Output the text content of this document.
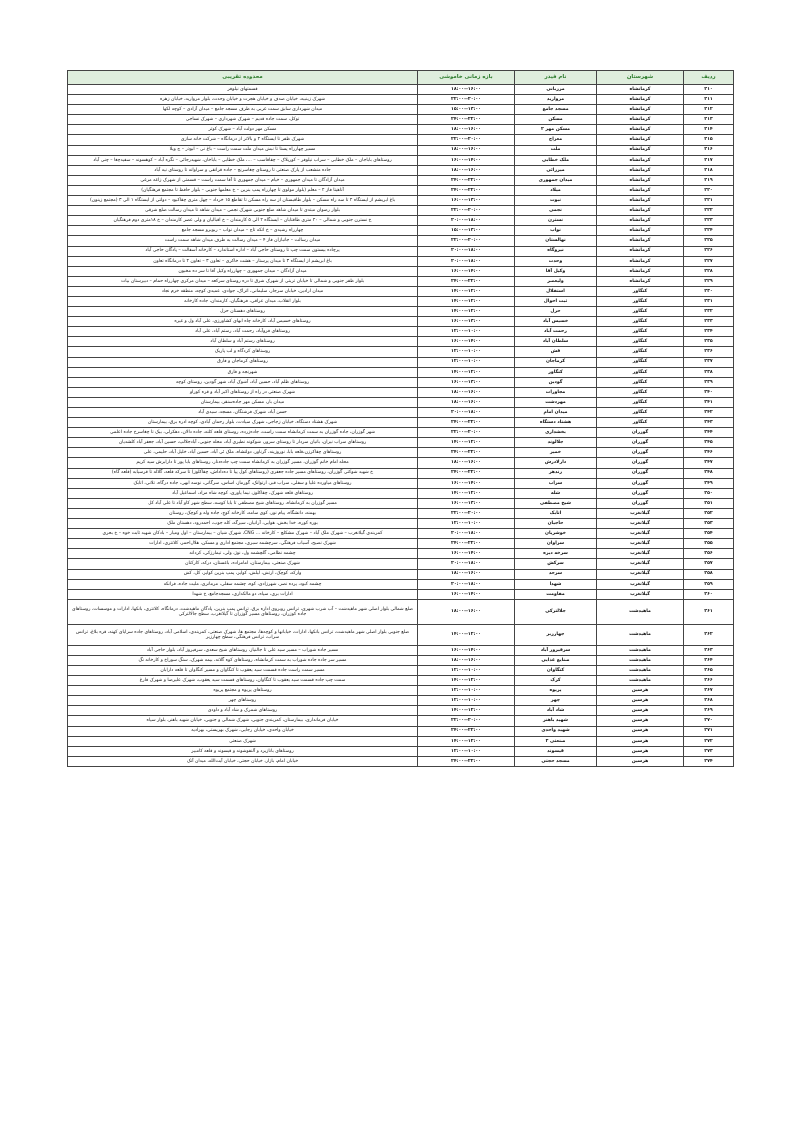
ردیف	شهرستان	نام فیدر	بازه زمانی خاموشی	محدوده تقریبی
۲۱۰	کرمانشاه	مرزبانی	۱۶:۰۰--۱۸:۰۰	قسمتهای نیلوفر
۲۱۱	کرمانشاه	مروارید	۲۰:۰۰--۲۲:۰۰	شهرک زینبیه، خیابان صدف و خیابان هجرت و خیابان وحدت، بلوار مروارید، خیابان زهره
۲۱۲	کرمانشاه	مسجد جامع	۱۳:۰۰--۱۵:۰۰	میدان شهرداری سابق سمت غربی به طرف مسجد جامع – میدان آزادی – کوچه لکها
۲۱۳	کرمانشاه	مسکن	۲۲:۰۰--۲۴:۰۰	توکل، سمت جاده قدیم – شهرک شهرداری – شهرک نساجی
۲۱۴	کرمانشاه	مسکن مهر ۲	۱۶:۰۰--۱۸:۰۰	مسکن مهر دولت آباد – شهرک کوثر
۲۱۵	کرمانشاه	معراج	۲۰:۰۰--۲۲:۰۰	شهرک ظفر تا ایستگاه ۲ و بالاتر از درمانگاه – شرکت خانه سازی
۲۱۶	کرمانشاه	ملت	۱۶:۰۰--۱۸:۰۰	مسیر چهارراه پستا تا نبش میدان ملت سمت راست – باغ نی – ابوذر – ج ویلا
۲۱۷	کرمانشاه	ملک خطابی	۱۴:۰۰--۱۶:۰۰	روستاهای باباجان – ملک خطابی – سراب نیلوفر – کوریلاک – چقاقاسب – ...، ملک خطابی – باباخان، شهیدرجائی – نگزه آباد – کوهسوند – سفیدچغا – چنی آباد
۲۱۸	کرمانشاه	میرزائی	۱۶:۰۰--۱۸:۰۰	جاده منشعب از پارک صنعتی تا روستای چغاسرنج – جاده قرانقی و سراوانه تا روستای نیه آباد
۲۱۹	کرمانشاه	میدان جمهوری	۲۲:۰۰--۲۴:۰۰	میدان آزادگان تا میدان جمهوری – خیام – میدان جمهوری تا آقا سمت راست – قسمتی از شهرک زاغه مرغی
۲۲۰	کرمانشاه	میلاد	۲۲:۰۰--۲۴:۰۰	آناهیتا فاز ۲ – معلم (بلوار مولوی تا چهارراه پمپ بنزین – خ معلمها جنوبی – بلوار حافظ تا مجتمع فرهنگیان)
۲۲۱	کرمانشاه	نبوت	۱۳:۰۰--۱۶:۰۰	باغ ابریشم از ایستگاه ۲ تا سه راه مسکن – بلوار طاقبستان از سه راه مسکن تا تقاطع ۱۵ خرداد – چهل متری چقاکبود – دولتی از ایستگاه ۱ الی ۳ (مجتمع زینون)
۲۲۲	کرمانشاه	نجمی	۲۰:۰۰--۲۲:۰۰	بلوار رضوان مبتدی تا میدان شاهد ضلع جنوبی شهرک نجمی – میدان شاهد تا میدان رسالت ضلع شرقی
۲۲۳	کرمانشاه	نسترن	۱۸:۰۰--۲۰:۰۰	خ نسترن جنوبی و شمالی – ۲۰ متری طاقتابان – ایستگاه ۲ الی ۵ کارمندان – خ اقبالیان و ولی عصر کارمندان – خ ۱۸متری دوم فرهنگیان
۲۲۴	کرمانشاه	نواب	۱۳:۰۰--۱۵:۰۰	چهارراه رشیدی – خ اتکه تاج – میدان نواب – ربوبرو مسجد جامع
۲۲۵	کرمانشاه	نهالستان	۲۰:۰۰--۲۲:۰۰	میدان رسالت – جانبازان فاز ۴ – میدان رسالت به طرف میدان شاهد سمت راست
۲۲۶	کرمانشاه	نیروگاه	۱۸:۰۰--۲۰:۰۰	پرچاده بیستون سمت چپ تا روستای حاجی آباد – اداره استاندارد – کارخانه آسفالت – پادگان حاجی آباد
۲۲۷	کرمانشاه	وحدت	۱۸:۰۰--۲۰:۰۰	باغ ابریشم از ایستگاه ۳ تا میدان پرستار – هشت خاکری – تعاون ۳ – تعاون ۲ تا درمانگاه تعاون
۲۲۸	کرمانشاه	وکیل آقا	۱۴:۰۰--۱۶:۰۰	میدان آزادگان – میدان جمهوری – چهارراه وکیل آقا تا سر ده مخبون
۲۲۹	کرمانشاه	ولیعصر	۲۲:۰۰--۲۴:۰۰	بلوار ظفر جنوبی و شمالی تا خیابان تربتی از شهرک شرق تا دره روستای سرکعه – میدان مرکزی چهارراه حمام – دبیرستان بیات
۲۳۰	کنگاور	استقلال	۱۲:۰۰--۱۴:۰۰	میدان ارادین، خیابان سرجار، سلیمانی، اتراک، جوادی، عمیدی کوچه، منطقه خرم نجاد
۲۳۱	کنگاور	ثبت احوال	۱۲:۰۰--۱۴:۰۰	بلوار انقلاب، میدان عراقی، فرهنگیان، کارمندان، جاده کارخانه
۲۳۲	کنگاور	حزل	۱۲:۰۰--۱۴:۰۰	روستاهای دهستان حزل
۲۳۳	کنگاور	خسیس آباد	۱۳:۰۰--۱۶:۰۰	روستاهای خسیس آباد، کارخانه چاه ابهای کشاورزی، علی آباد ول و غیره
۲۳۴	کنگاور	رحمت آباد	۱۰:۰۰--۱۲:۰۰	روستاهای فزوآباد، رحمت آباد، رستم آباد، علی آباد
۲۳۵	کنگاور	سلطان آباد	۱۴:۰۰--۱۶:۰۰	روستاهای رستم آباد و سلطان آباد
۲۳۶	کنگاور	فش	۱۰:۰۰--۱۲:۰۰	روستاهای کردگاه و لب پاریک
۲۳۷	کنگاور	کرماجان	۱۰:۰۰--۱۲:۰۰	روستاهای کرماجان و فارق
۲۳۸	کنگاور	کنگاور	۱۲:۰۰--۱۴:۰۰	شهرنجه و فارق
۲۳۹	کنگاور	گودین	۱۳:۰۰--۱۶:۰۰	روستاهای ظلم آباد، حسین آباد، آشوک آباد، شهر گودین، روستای کوچه
۲۴۰	کنگاور	مجاورات	۱۶:۰۰--۱۸:۰۰	شهرک صنعتی در راه از روستاهای اکبر آباد و قره کوراو
۲۴۱	کنگاور	مهردشت	۱۶:۰۰--۱۸:۰۰	میدان بار، مسکن مهر جاده‌سنقر، بیمارستان
۲۴۲	کنگاور	میدان امام	۱۸:۰۰--۲۰:۰۰	حسن آباد، شهرک فرشتگان، مسجد، سیدی آباد
۲۴۳	کنگاور	هشتاد دستگاه	۲۲:۰۰--۲۴:۰۰	شهرک هشتاد دستگاه، خیابان زجاجی، شهرک سیادت، بلوار رحمان آبادی، کوچه ادره برق، بیمارستان
۲۴۴	گوزران	بخشداری	۲۰:۰۰--۲۲:۰۰	شهر گوزران، جاده گوزران به سمت کرمانشاه سمت راست، جاده‌زرده، روستای قلعه کلنه، جاده دالان، دهکرلی، بیک تا چغاسرخ جاده اعلمی
۲۴۵	گوزران	جلالوند	۱۲:۰۰--۱۴:۰۰	روستاهای سراب نیران، بانیان سردار تا روستای سرور، شوکوند نطیری آباد، محله جنوبی، آبادجلالپ، حسین آباد، جعفر آباد کلشدیان
۲۴۶	گوزران	خمیر	۲۲:۰۰--۲۴:۰۰	روستاهای چقاکرزن،قلعه بابا، نوروزینه، گزناور، دولتشاه، ملک ئی آباد، حسین آباد، خلیل آباد، حلیمی، علی
۲۴۷	گوزران	دارلادرش	۱۶:۰۰--۱۸:۰۰	محله امام خانم گوزران، مسیر گوزران به کرمانشاه سمت چپ جاده‌دنار، روستاهای بابا پور تا دارابرش سید کریم
۲۴۸	گوزران	زندهر	۲۲:۰۰--۲۴:۰۰	خ شهید شوکتی گوزران، روستاهای مسیر جاده جعفری (روستاهای کول پیا تا ده‌داداش، چقاکلوز) تا سرکه قلعه، گلاله تا قرسیابه (قلعه گاه)
۲۴۹	گوزران	سراب	۱۴:۰۰--۱۶:۰۰	روستاهای میاورده علیا و سفلی، سراب قبر، ارتوانک، گورماز، اساس، سرگانی، نوسه ابهی، جاده درگاه، تلانی، اتابک
۲۵۰	گوزران	شله	۱۲:۰۰--۱۴:۰۰	روستاهای قلعه شهرک، چقاکلوز، نیما یاوری، کوچه شاه مراد، اسماعیل آباد
۲۵۱	گوزران	شیخ مصطفی	۱۳:۰۰--۱۶:۰۰	مسیر گوزران به کرمانشاه، روستاهای شیخ مصطفی تا بابا کوسه، سطح شهر کاو آباد تا علی آباد کل
۲۵۲	گیلانغرب	اتابک	۲۰:۰۰--۲۲:۰۰	بهمنه، دانشگاه، پیام نور، کوی سامه، کارخانه کوچ، جاده وله و کوچک، روستان
۲۵۳	گیلانغرب	حاجیان	۱۰:۰۰--۱۲:۰۰	بوره کوره، خدا بخش، هوایی، آرانیان، سیرگه، کله جوب، احمدرود، دهستان ملک
۲۵۴	گیلانغرب	خوشریان	۱۸:۰۰--۲۰:۰۰	کمربندی گیلانغرب – شهرک ملک آباد – شهرک مشکلچ – کارخانه ... CNG، شهرک شیان – بیمارستان – اول ومیار – بادکان شهید ثابت خوه – خ بحری
۲۵۵	گیلانغرب	سراوان	۲۲:۰۰--۲۴:۰۰	شهرک نصیح، آسیاب فرهنگی، سرچشمه سبزی، مجتمع اداری و مسکن، هلال‌احمر، کلانتری، ادارات
۲۵۶	گیلانغرب	سرخه دیزه	۱۴:۰۰--۱۶:۰۰	چشمه نظامی، گلچشمه ول، نوژ، ولی، تیمارزکی، کردانه
۲۵۷	گیلانغرب	سرکش	۱۸:۰۰--۲۰:۰۰	شهرک صنعتی، بیمارستان، امامزاده، باغستان، درکه، کارکنان
۲۵۸	گیلانغرب	سرحد	۱۶:۰۰--۱۸:۰۰	وارکه، کوچک، ارتش، لیلش، کوایز، پمپ بنزین کوایز، کل، کش
۲۵۹	گیلانغرب	شهدا	۱۸:۰۰--۲۰:۰۰	چشمه کبود، پرده نصر، شهرزادی، کوه، چشمه سفلی، مرمانری، ملیت جاده، فرانکه
۲۶۰	گیلانغرب	مقاومت	۱۴:۰۰--۱۶:۰۰	ادارات بری، سپاه، دو مالکداری، مسجدجامع، خ شهدا
۲۶۱	ماهیدشت	جلالترکی	۱۶:۰۰--۱۸:۰۰	ضلع شمالی بلوار اصلی شهر ماهیدشت – آب شرب شهری، ترانس روبروی اداره برق، ترانس پمپ بنزین، پادگان ماهیدشت، درمانگاه، کلانتری، بانکها، ادارات و موسسات، روستاهای جاده کوزران، روستاهای مسیر گوزران تا گیلانغرب، سطح جالالترکی
۲۶۲	ماهیدشت	جهارزبر	۱۲:۰۰--۱۴:۰۰	ضلع جنوبی بلوار اصلی شهر ماهیدشت، ترانس بانکها، ادارات، خیابانها و کوچه‌ها، مجتمع ها، شهرک صنعتی، کمربندی، اسلامی آباد، روستاهای جاده سرایای کهنه، قره بلاغ، ترانس سراب، ترانس فرهنگی، سطح چهارزبر
۲۶۳	ماهیدشت	سرفیروز آباد	۱۴:۰۰--۱۶:۰۰	مسیر جاده شوراب – مسیر سید علی تا جالنیاز، روستاهای شیخ سعدی، سرفیروز آباد، بلوار حاجی آباد
۲۶۴	ماهیدشت	صنایع غذایی	۱۶:۰۰--۱۸:۰۰	مسیر سر جاده جاده شوراب به سمت کرمانشاه، روستاهای کوه گلانه، بیمه شهرک، سنگ سوراخ و کارخانه نگ
۲۶۵	ماهیدشت	کنگاوان	۱۰:۰۰--۱۲:۰۰	مسیر سمت راست جاده قسمت سید یعقوب تا کنگاوان و مسیر کنگاوان تا قلعه دارابان
۲۶۶	ماهیدشت	کرک	۱۲:۰۰--۱۴:۰۰	سمت چپ جاده قسمت سید یعقوب تا کنگاوان، روستاهای قسمت سید یعقوب، شهرک علیرضا و شهرک فارغ
۲۶۷	هرسین	پریوه	۱۰:۰۰--۱۲:۰۰	روستاهای پریوه و مجتمع پریوه
۲۶۸	هرسین	چهر	۱۰:۰۰--۱۲:۰۰	روستاهای چهر
۲۶۹	هرسین	شاد آباد	۱۲:۰۰--۱۴:۰۰	روستاهای شمرک و شاد آباد و داودی
۲۷۰	هرسین	شهید باهنر	۲۰:۰۰--۲۲:۰۰	خیابان فرمانداری، بیمارستان، کمربندی جنوبی، شهرک شمالی و جنوبی، خیابان شهید باهنر، بلوار سپاه
۲۷۱	هرسین	شهید واحدی	۲۲:۰۰--۲۴:۰۰	خیابان واحدی، خیابان رجایی، شهرک بهزیستی، بهزادیه
۲۷۲	هرسین	صنعتی ۲	۱۲:۰۰--۱۴:۰۰	شهرک صنعتی
۲۷۳	هرسین	قیسوند	۱۰:۰۰--۱۲:۰۰	روستاهای بانازیزد و آلنفوشوند و قیسوند و قلعه کامبیز
۲۷۴	هرسین	مسجد حجتی	۲۲:۰۰--۲۴:۰۰	خیابان امام، بازار، خیابان حجتی، خیابان آیت‌الله، میدان آتک
